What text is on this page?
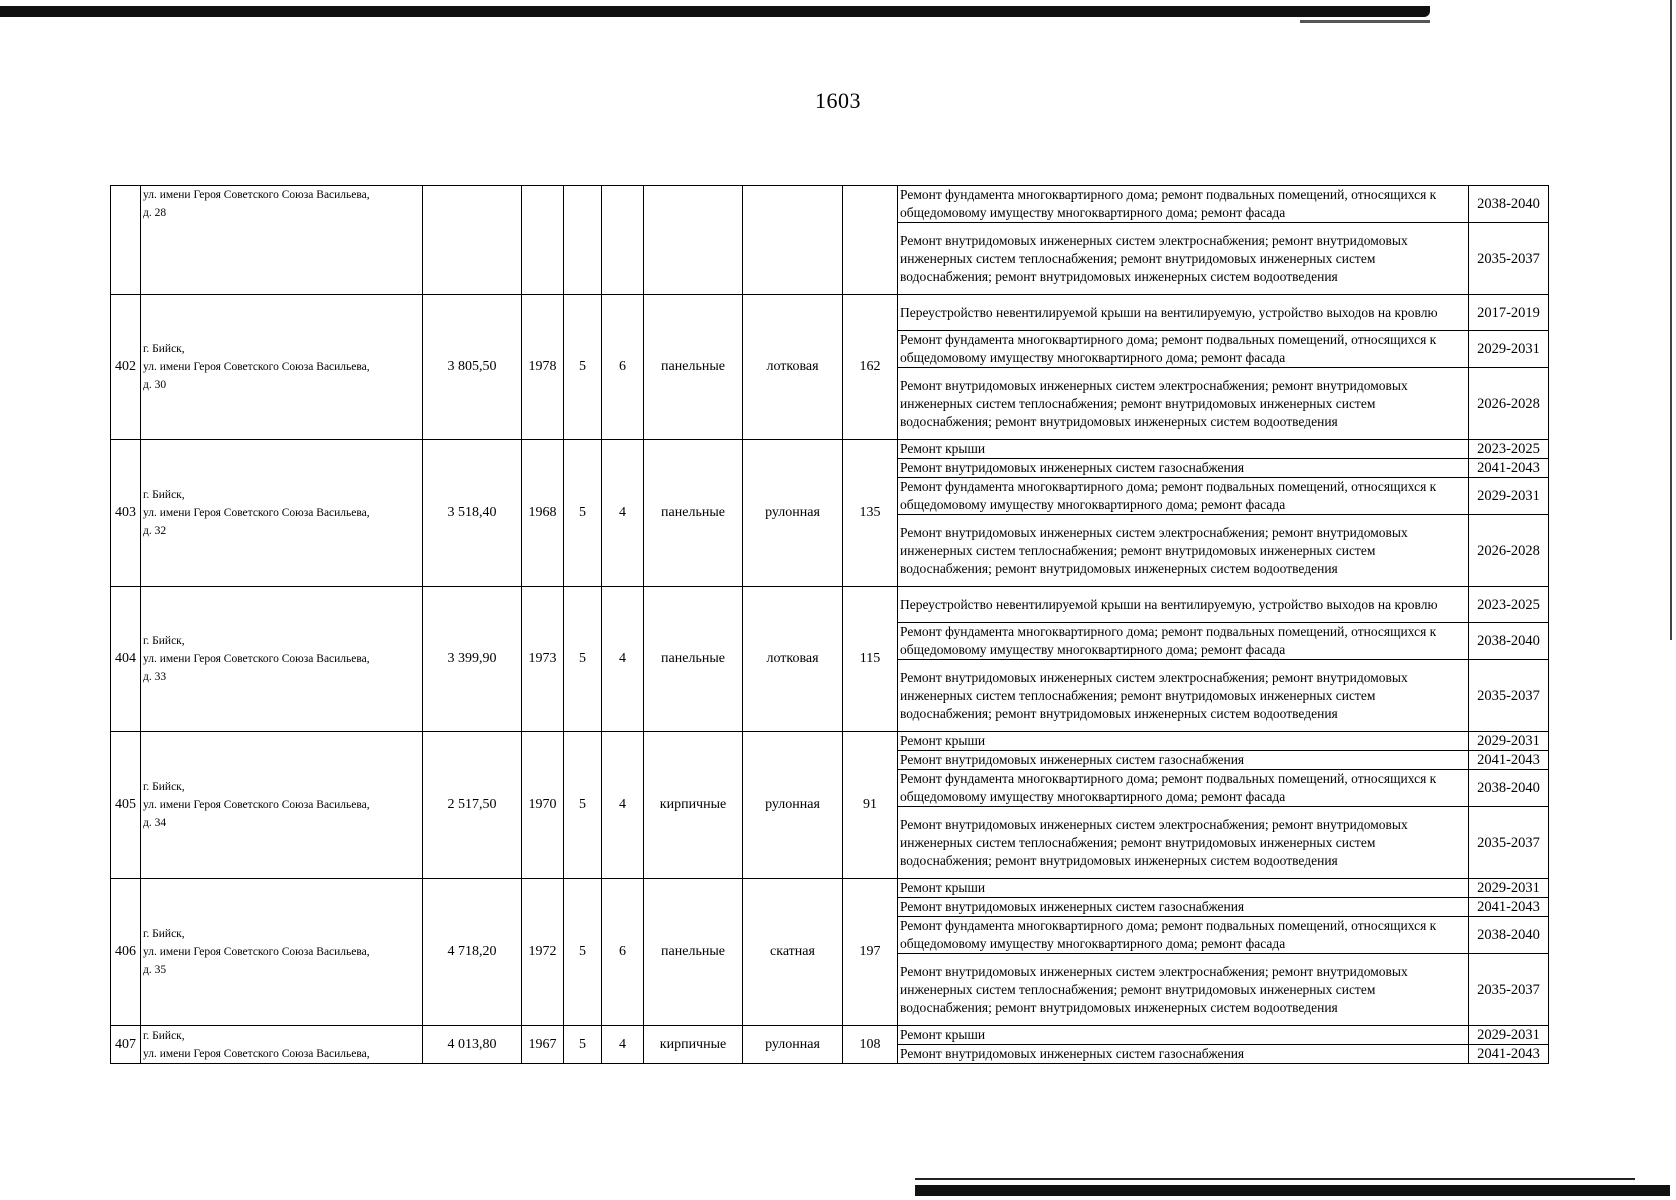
1603

	ул. имени Героя Советского Союза Васильева,
д. 28								Ремонт фундамента многоквартирного дома; ремонт подвальных помещений, относящихся к общедомовому имуществу многоквартирного дома; ремонт фасада	2038-2040
									Ремонт внутридомовых инженерных систем электроснабжения; ремонт внутридомовых инженерных систем теплоснабжения; ремонт внутридомовых инженерных систем водоснабжения; ремонт внутридомовых инженерных систем водоотведения	2035-2037
402	г. Бийск,
ул. имени Героя Советского Союза Васильева,
д. 30	3 805,50	1978	5	6	панельные	лотковая	162	Переустройство невентилируемой крыши на вентилируемую, устройство выходов на кровлю	2017-2019
									Ремонт фундамента многоквартирного дома; ремонт подвальных помещений, относящихся к общедомовому имуществу многоквартирного дома; ремонт фасада	2029-2031
									Ремонт внутридомовых инженерных систем электроснабжения; ремонт внутридомовых инженерных систем теплоснабжения; ремонт внутридомовых инженерных систем водоснабжения; ремонт внутридомовых инженерных систем водоотведения	2026-2028
403	г. Бийск,
ул. имени Героя Советского Союза Васильева,
д. 32	3 518,40	1968	5	4	панельные	рулонная	135	Ремонт крыши	2023-2025
									Ремонт внутридомовых инженерных систем газоснабжения	2041-2043
									Ремонт фундамента многоквартирного дома; ремонт подвальных помещений, относящихся к общедомовому имуществу многоквартирного дома; ремонт фасада	2029-2031
									Ремонт внутридомовых инженерных систем электроснабжения; ремонт внутридомовых инженерных систем теплоснабжения; ремонт внутридомовых инженерных систем водоснабжения; ремонт внутридомовых инженерных систем водоотведения	2026-2028
404	г. Бийск,
ул. имени Героя Советского Союза Васильева,
д. 33	3 399,90	1973	5	4	панельные	лотковая	115	Переустройство невентилируемой крыши на вентилируемую, устройство выходов на кровлю	2023-2025
									Ремонт фундамента многоквартирного дома; ремонт подвальных помещений, относящихся к общедомовому имуществу многоквартирного дома; ремонт фасада	2038-2040
									Ремонт внутридомовых инженерных систем электроснабжения; ремонт внутридомовых инженерных систем теплоснабжения; ремонт внутридомовых инженерных систем водоснабжения; ремонт внутридомовых инженерных систем водоотведения	2035-2037
405	г. Бийск,
ул. имени Героя Советского Союза Васильева,
д. 34	2 517,50	1970	5	4	кирпичные	рулонная	91	Ремонт крыши	2029-2031
									Ремонт внутридомовых инженерных систем газоснабжения	2041-2043
									Ремонт фундамента многоквартирного дома; ремонт подвальных помещений, относящихся к общедомовому имуществу многоквартирного дома; ремонт фасада	2038-2040
									Ремонт внутридомовых инженерных систем электроснабжения; ремонт внутридомовых инженерных систем теплоснабжения; ремонт внутридомовых инженерных систем водоснабжения; ремонт внутридомовых инженерных систем водоотведения	2035-2037
406	г. Бийск,
ул. имени Героя Советского Союза Васильева,
д. 35	4 718,20	1972	5	6	панельные	скатная	197	Ремонт крыши	2029-2031
									Ремонт внутридомовых инженерных систем газоснабжения	2041-2043
									Ремонт фундамента многоквартирного дома; ремонт подвальных помещений, относящихся к общедомовому имуществу многоквартирного дома; ремонт фасада	2038-2040
									Ремонт внутридомовых инженерных систем электроснабжения; ремонт внутридомовых инженерных систем теплоснабжения; ремонт внутридомовых инженерных систем водоснабжения; ремонт внутридомовых инженерных систем водоотведения	2035-2037
407	г. Бийск,
ул. имени Героя Советского Союза Васильева,	4 013,80	1967	5	4	кирпичные	рулонная	108	Ремонт крыши	2029-2031
									Ремонт внутридомовых инженерных систем газоснабжения	2041-2043
